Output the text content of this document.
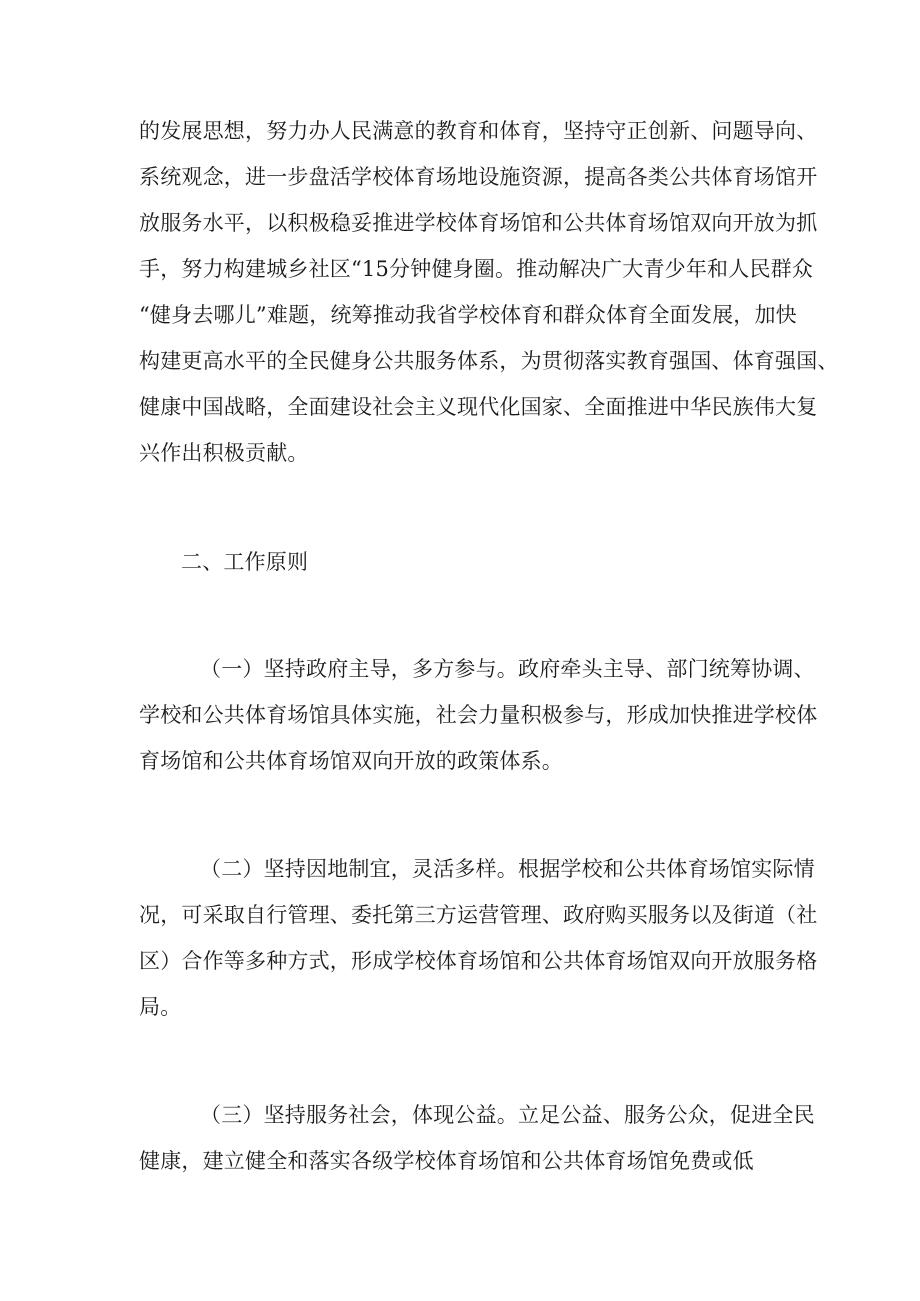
的发展思想，努力办人民满意的教育和体育，坚持守正创新、问题导向、
系统观念，进一步盘活学校体育场地设施资源，提高各类公共体育场馆开
放服务水平，以积极稳妥推进学校体育场馆和公共体育场馆双向开放为抓
手，努力构建城乡社区“15分钟健身圈。推动解决广大青少年和人民群众
“健身去哪儿”难题，统筹推动我省学校体育和群众体育全面发展，加快
构建更高水平的全民健身公共服务体系，为贯彻落实教育强国、体育强国、
健康中国战略，全面建设社会主义现代化国家、全面推进中华民族伟大复
兴作出积极贡献。
二、工作原则
（一）坚持政府主导，多方参与。政府牵头主导、部门统筹协调、
学校和公共体育场馆具体实施，社会力量积极参与，形成加快推进学校体
育场馆和公共体育场馆双向开放的政策体系。
（二）坚持因地制宜，灵活多样。根据学校和公共体育场馆实际情
况，可采取自行管理、委托第三方运营管理、政府购买服务以及街道（社
区）合作等多种方式，形成学校体育场馆和公共体育场馆双向开放服务格
局。
（三）坚持服务社会，体现公益。立足公益、服务公众，促进全民
健康，建立健全和落实各级学校体育场馆和公共体育场馆免费或低
